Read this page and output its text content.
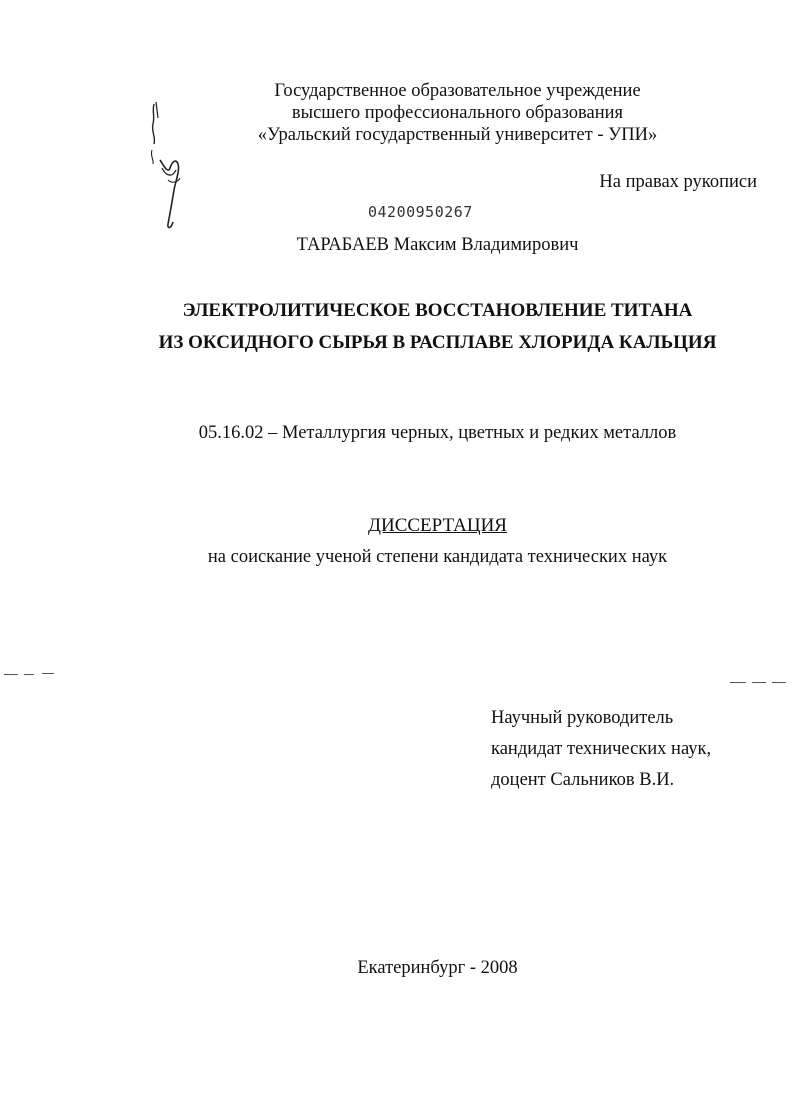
Государственное образовательное учреждение
высшего профессионального образования
«Уральский государственный университет - УПИ»
На правах рукописи
04200950267
ТАРАБАЕВ Максим Владимирович
ЭЛЕКТРОЛИТИЧЕСКОЕ ВОССТАНОВЛЕНИЕ ТИТАНА
ИЗ ОКСИДНОГО СЫРЬЯ В РАСПЛАВЕ ХЛОРИДА КАЛЬЦИЯ
05.16.02 – Металлургия черных, цветных и редких металлов
ДИССЕРТАЦИЯ
на соискание ученой степени кандидата технических наук
Научный руководитель
кандидат технических наук,
доцент Сальников В.И.
Екатеринбург - 2008
